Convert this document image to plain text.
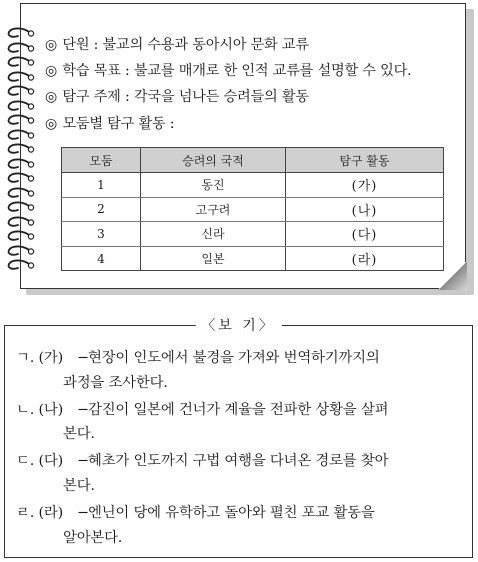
◎ 단원 : 불교의 수용과 동아시아 문화 교류
◎ 학습 목표 : 불교를 매개로 한 인적 교류를 설명할 수 있다.
◎ 탐구 주제 : 각국을 넘나든 승려들의 활동
◎ 모둠별 탐구 활동 :
모둠	승려의 국적	탐구 활동
1	동진	(가)
2	고구려	(나)
3	신라	(다)
4	일본	(라)
〈보 기〉
ㄱ. (가) − 현장이 인도에서 불경을 가져와 번역하기까지의
과정을 조사한다.
ㄴ. (나) − 감진이 일본에 건너가 계율을 전파한 상황을 살펴
본다.
ㄷ. (다) − 혜초가 인도까지 구법 여행을 다녀온 경로를 찾아
본다.
ㄹ. (라) − 엔닌이 당에 유학하고 돌아와 펼친 포교 활동을
알아본다.
